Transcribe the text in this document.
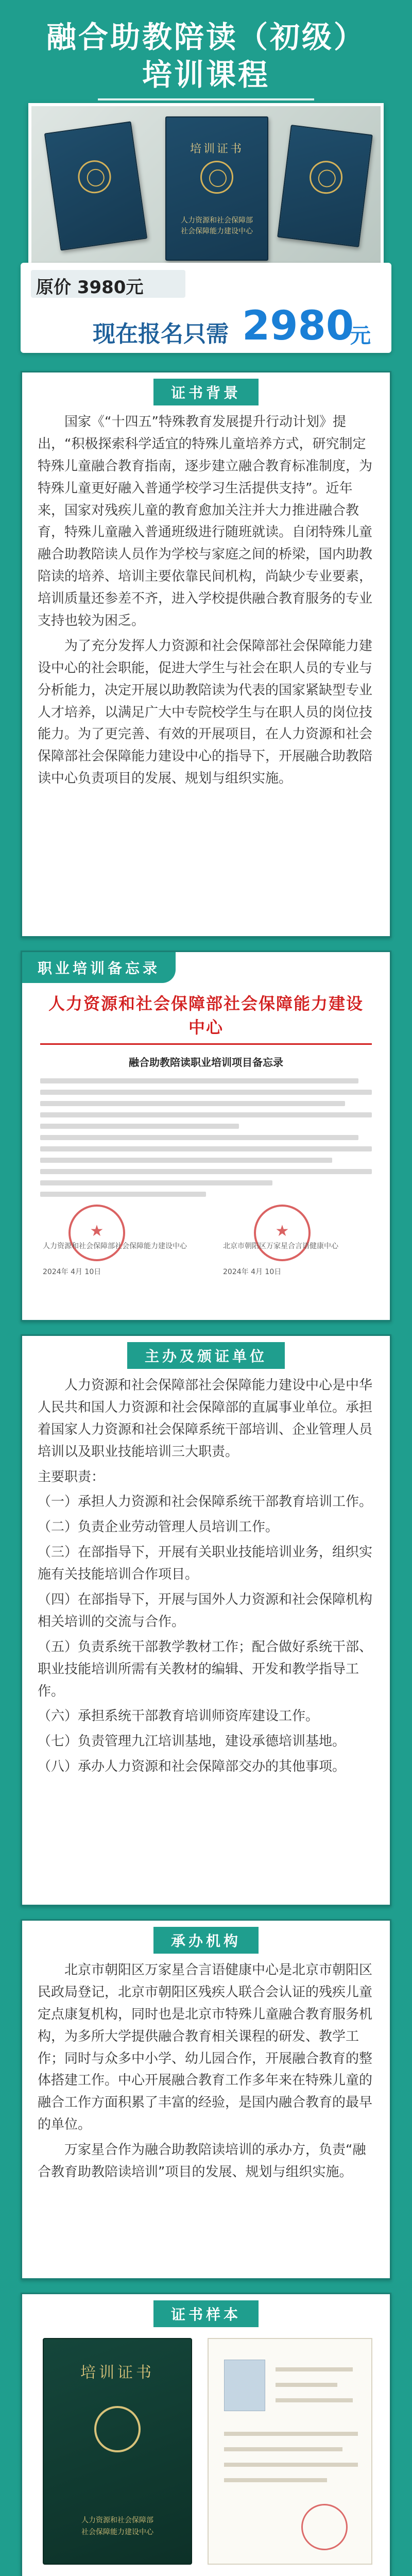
融合助教陪读（初级）
培训课程
培训证书
人力资源和社会保障部
社会保障能力建设中心
原价 3980元
现在报名只需 2980
元
证书背景

国家《“十四五”特殊教育发展提升行动计划》提出，“积极探索科学适宜的特殊儿童培养方式，研究制定特殊儿童融合教育指南，逐步建立融合教育标准制度，为特殊儿童更好融入普通学校学习生活提供支持”。近年来，国家对残疾儿童的教育愈加关注并大力推进融合教育，特殊儿童融入普通班级进行随班就读。自闭特殊儿童融合助教陪读人员作为学校与家庭之间的桥梁，国内助教陪读的培养、培训主要依靠民间机构，尚缺少专业要素，培训质量还参差不齐，进入学校提供融合教育服务的专业支持也较为困乏。

为了充分发挥人力资源和社会保障部社会保障能力建设中心的社会职能，促进大学生与社会在职人员的专业与分析能力，决定开展以助教陪读为代表的国家紧缺型专业人才培养，以满足广大中专院校学生与在职人员的岗位技能力。为了更完善、有效的开展项目，在人力资源和社会保障部社会保障能力建设中心的指导下，开展融合助教陪读中心负责项目的发展、规划与组织实施。

职业培训备忘录
人力资源和社会保障部社会保障能力建设中心
融合助教陪读职业培训项目备忘录
★
★
人力资源和社会保障部社会保障能力建设中心
2024年 4月 10日
北京市朝阳区万家星合言语健康中心
2024年 4月 10日
主办及颁证单位

人力资源和社会保障部社会保障能力建设中心是中华人民共和国人力资源和社会保障部的直属事业单位。承担着国家人力资源和社会保障系统干部培训、企业管理人员培训以及职业技能培训三大职责。

主要职责：

（一）承担人力资源和社会保障系统干部教育培训工作。

（二）负责企业劳动管理人员培训工作。

（三）在部指导下，开展有关职业技能培训业务，组织实施有关技能培训合作项目。

（四）在部指导下，开展与国外人力资源和社会保障机构相关培训的交流与合作。

（五）负责系统干部教学教材工作；配合做好系统干部、职业技能培训所需有关教材的编辑、开发和教学指导工作。

（六）承担系统干部教育培训师资库建设工作。

（七）负责管理九江培训基地，建设承德培训基地。

（八）承办人力资源和社会保障部交办的其他事项。

承办机构

北京市朝阳区万家星合言语健康中心是北京市朝阳区民政局登记，北京市朝阳区残疾人联合会认证的残疾儿童定点康复机构，同时也是北京市特殊儿童融合教育服务机构，为多所大学提供融合教育相关课程的研发、教学工作；同时与众多中小学、幼儿园合作，开展融合教育的整体搭建工作。中心开展融合教育工作多年来在特殊儿童的融合工作方面积累了丰富的经验，是国内融合教育的最早的单位。

万家星合作为融合助教陪读培训的承办方，负责“融合教育助教陪读培训”项目的发展、规划与组织实施。

证书样本
培训证书
人力资源和社会保障部
社会保障能力建设中心
